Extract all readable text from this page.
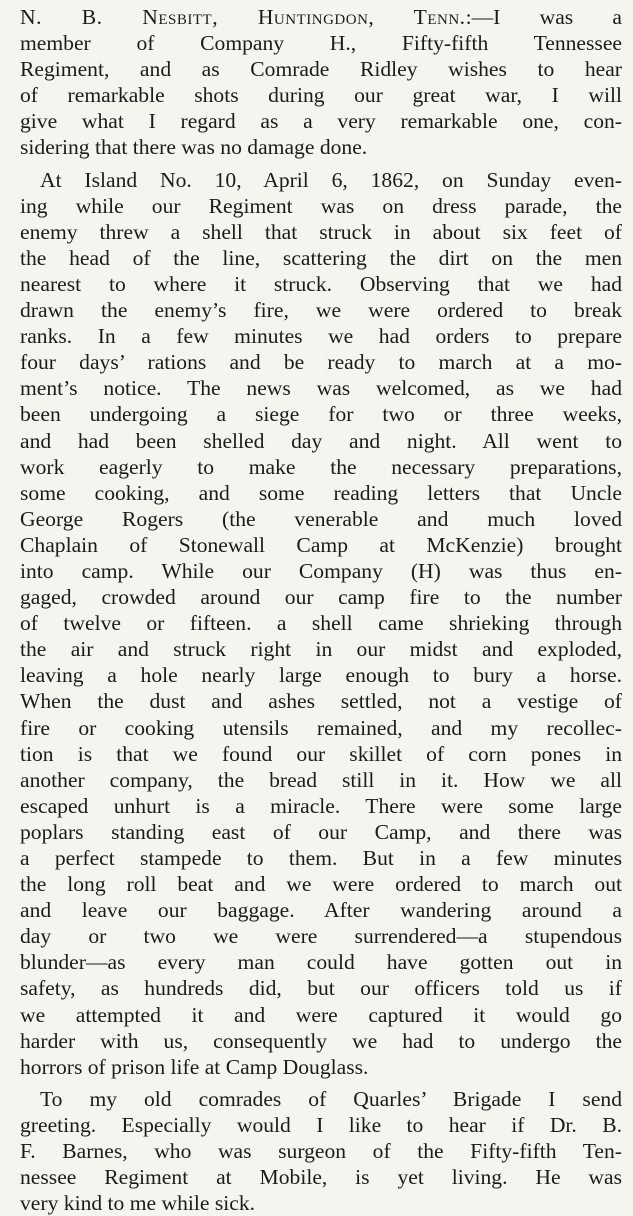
N. B. Nesbitt, Huntingdon, Tenn.:—I was a
member of Company H., Fifty-fifth Tennessee
Regiment, and as Comrade Ridley wishes to hear
of remarkable shots during our great war, I will
give what I regard as a very remarkable one, con-
sidering that there was no damage done.
At Island No. 10, April 6, 1862, on Sunday even-
ing while our Regiment was on dress parade, the
enemy threw a shell that struck in about six feet of
the head of the line, scattering the dirt on the men
nearest to where it struck. Observing that we had
drawn the enemy’s fire, we were ordered to break
ranks. In a few minutes we had orders to prepare
four days’ rations and be ready to march at a mo-
ment’s notice. The news was welcomed, as we had
been undergoing a siege for two or three weeks,
and had been shelled day and night. All went to
work eagerly to make the necessary preparations,
some cooking, and some reading letters that Uncle
George Rogers (the venerable and much loved
Chaplain of Stonewall Camp at McKenzie) brought
into camp. While our Company (H) was thus en-
gaged, crowded around our camp fire to the number
of twelve or fifteen. a shell came shrieking through
the air and struck right in our midst and exploded,
leaving a hole nearly large enough to bury a horse.
When the dust and ashes settled, not a vestige of
fire or cooking utensils remained, and my recollec-
tion is that we found our skillet of corn pones in
another company, the bread still in it. How we all
escaped unhurt is a miracle. There were some large
poplars standing east of our Camp, and there was
a perfect stampede to them. But in a few minutes
the long roll beat and we were ordered to march out
and leave our baggage. After wandering around a
day or two we were surrendered—a stupendous
blunder—as every man could have gotten out in
safety, as hundreds did, but our officers told us if
we attempted it and were captured it would go
harder with us, consequently we had to undergo the
horrors of prison life at Camp Douglass.
To my old comrades of Quarles’ Brigade I send
greeting. Especially would I like to hear if Dr. B.
F. Barnes, who was surgeon of the Fifty-fifth Ten-
nessee Regiment at Mobile, is yet living. He was
very kind to me while sick.
